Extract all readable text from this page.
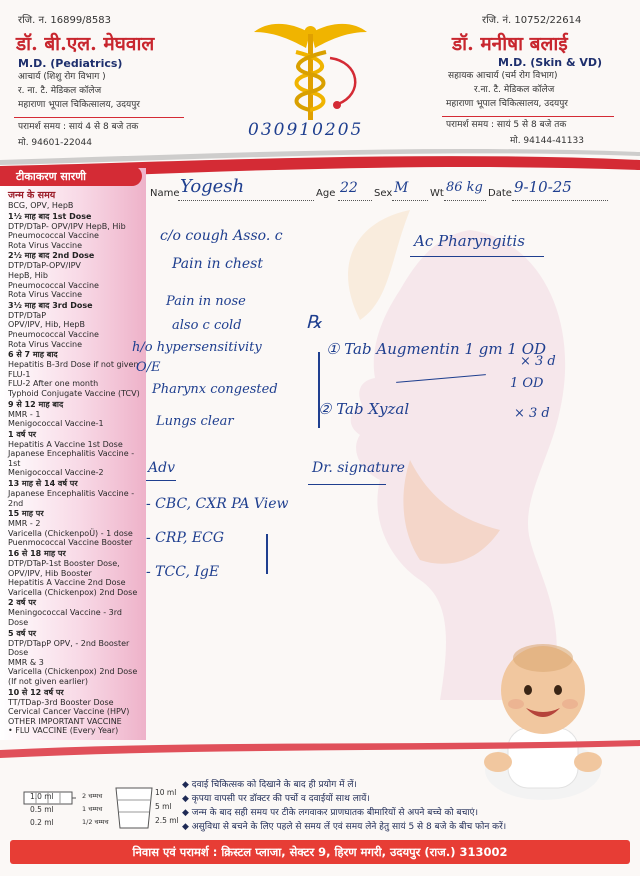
रजि. न. 16899/8583
डॉ. बी.एल. मेघवाल
M.D. (Pediatrics)
आचार्य (शिशु रोग विभाग )
र. ना. टै. मेडिकल कॉलेज
महाराणा भूपाल चिकित्सालय, उदयपुर
परामर्श समय : सायं 4 से 8 बजे तक
मो. 94601-22044
रजि. नं. 10752/22614
डॉ. मनीषा बलाई
M.D. (Skin & VD)
सहायक आचार्य (चर्म रोग विभाग)
र.ना. टै. मेडिकल कॉलेज
महाराणा भूपाल चिकित्सालय, उदयपुर
परामर्श समय : सायं 5 से 8 बजे तक
मो. 94144-41133
030910205
टीकाकरण सारणी
जन्म के समय
BCG, OPV, HepB
1½ माह बाद 1st Dose
DTP/DTaP- OPV/IPV HepB, Hib
Pneumococcal Vaccine
Rota Virus Vaccine
2½ माह बाद 2nd Dose
DTP/DTaP-OPV/IPV
HepB, Hib
Pneumococcal Vaccine
Rota Virus Vaccine
3½ माह बाद 3rd Dose
DTP/DTaP
OPV/IPV, Hib, HepB
Pneumococcal Vaccine
Rota Virus Vaccine
6 से 7 माह बाद
Hepatitis B-3rd Dose if not given
FLU-1
FLU-2 After one month
Typhoid Conjugate Vaccine (TCV)
9 से 12 माह बाद
MMR - 1
Menigococcal Vaccine-1
1 वर्ष पर
Hepatitis A Vaccine 1st Dose
Japanese Encephalitis Vaccine - 1st
Menigococcal Vaccine-2
13 माह से 14 वर्ष पर
Japanese Encephalitis Vaccine - 2nd
15 माह पर
MMR - 2
Varicella (ChickenpoÜ) - 1 dose
Puenmococcal Vaccine Booster
16 से 18 माह पर
DTP/DTaP-1st Booster Dose,
OPV/IPV, Hib Booster
Hepatitis A Vaccine 2nd Dose
Varicella (Chickenpox) 2nd Dose
2 वर्ष पर
Meningococcal Vaccine - 3rd Dose
5 वर्ष पर
DTP/DTapP OPV, - 2nd Booster Dose
MMR & 3
Varicella (Chickenpox) 2nd Dose
(If not given earlier)
10 से 12 वर्ष पर
TT/TDap-3rd Booster Dose
Cervical Cancer Vaccine (HPV)
OTHER IMPORTANT VACCINE
• FLU VACCINE (Every Year)
Name Yogesh	Age 22 Sex M Wt 86 kg Date 9-10-25
c/o cough Asso. c
Pain in chest
Pain in nose
also c cold
h/o hypersensitivity
O/E
Pharynx congested
Lungs clear
Ac Pharyngitis
℞
① Tab Augmentin 1 gm 1 OD
× 3 d
1 OD
② Tab Xyzal	× 3 d
Adv
- CBC, CXR PA View
- CRP, ECG
- TCC, IgE
Dr. signature
1.0 ml
0.5 ml
0.2 ml
2 चम्मच
1 चम्मच
1/2 चम्मच
10 ml
5 ml
2.5 ml
◆ दवाई चिकित्सक को दिखाने के बाद ही प्रयोग में लें।
◆ कृपया वापसी पर डॉक्टर की पर्चो व दवाईयों साथ लायें।
◆ जन्म के बाद सही समय पर टीके लगवाकर प्राणघातक बीमारियों से अपने बच्चे को बचाएं।
◆ असुविधा से बचने के लिए पहले से समय लें एवं समय लेने हेतु सायं 5 से 8 बजे के बीच फोन करें।
निवास एवं परामर्श : क्रिस्टल प्लाजा, सेक्टर 9, हिरण मगरी, उदयपुर (राज.) 313002
